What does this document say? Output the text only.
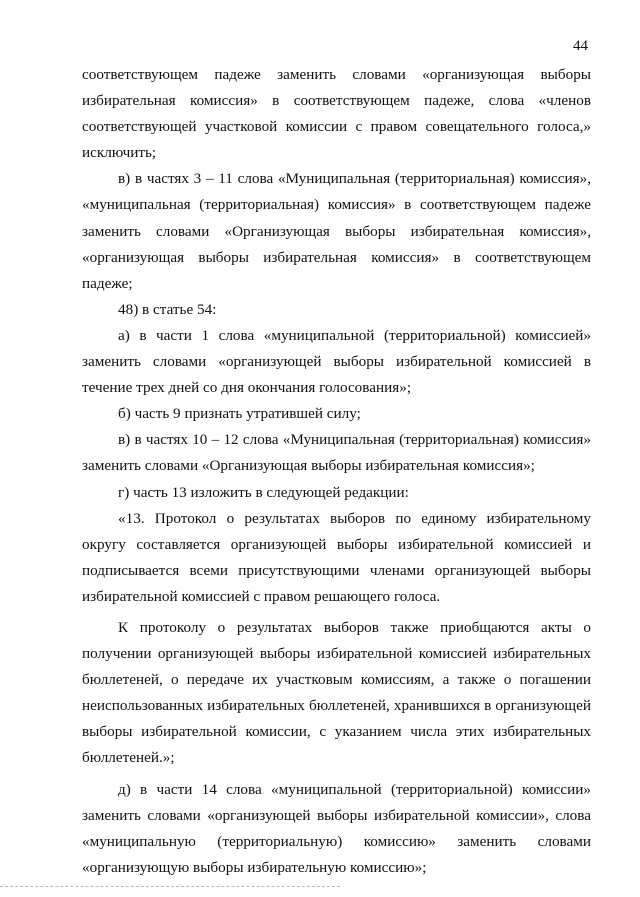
44

соответствующем падеже заменить словами «организующая выборы избирательная комиссия» в соответствующем падеже, слова «членов соответствующей участковой комиссии с правом совещательного голоса,» исключить;

в) в частях 3 – 11 слова «Муниципальная (территориальная) комиссия», «муниципальная (территориальная) комиссия» в соответствующем падеже заменить словами «Организующая выборы избирательная комиссия», «организующая выборы избирательная комиссия» в соответствующем падеже;

48) в статье 54:

а) в части 1 слова «муниципальной (территориальной) комиссией» заменить словами «организующей выборы избирательной комиссией в течение трех дней со дня окончания голосования»;

б) часть 9 признать утратившей силу;

в) в частях 10 – 12 слова «Муниципальная (территориальная) комиссия» заменить словами «Организующая выборы избирательная комиссия»;

г) часть 13 изложить в следующей редакции:

«13. Протокол о результатах выборов по единому избирательному округу составляется организующей выборы избирательной комиссией и подписывается всеми присутствующими членами организующей выборы избирательной комиссией с правом решающего голоса.

К протоколу о результатах выборов также приобщаются акты о получении организующей выборы избирательной комиссией избирательных бюллетеней, о передаче их участковым комиссиям, а также о погашении неиспользованных избирательных бюллетеней, хранившихся в организующей выборы избирательной комиссии, с указанием числа этих избирательных бюллетеней.»;

д) в части 14 слова «муниципальной (территориальной) комиссии» заменить словами «организующей выборы избирательной комиссии», слова «муниципальную (территориальную) комиссию» заменить словами «организующую выборы избирательную комиссию»;
